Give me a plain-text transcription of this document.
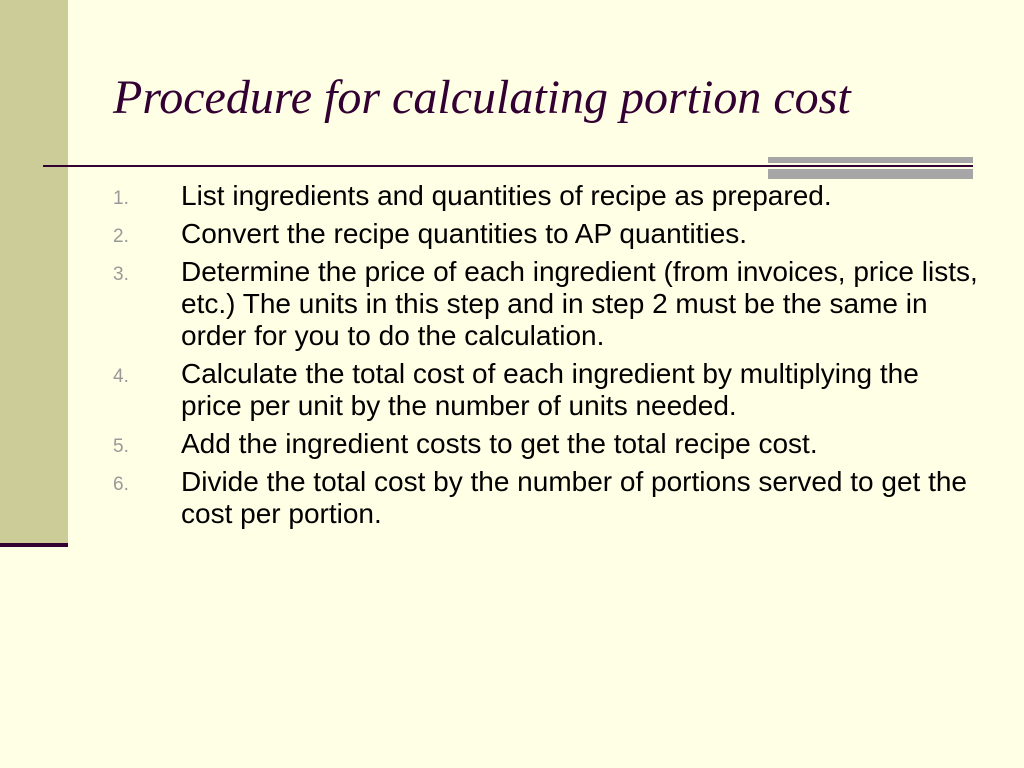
Procedure for calculating portion cost
1. List ingredients and quantities of recipe as prepared.
2. Convert the recipe quantities to AP quantities.
3. Determine the price of each ingredient (from invoices, price lists, etc.) The units in this step and in step 2 must be the same in order for you to do the calculation.
4. Calculate the total cost of each ingredient by multiplying the price per unit by the number of units needed.
5. Add the ingredient costs to get the total recipe cost.
6. Divide the total cost by the number of portions served to get the cost per portion.
